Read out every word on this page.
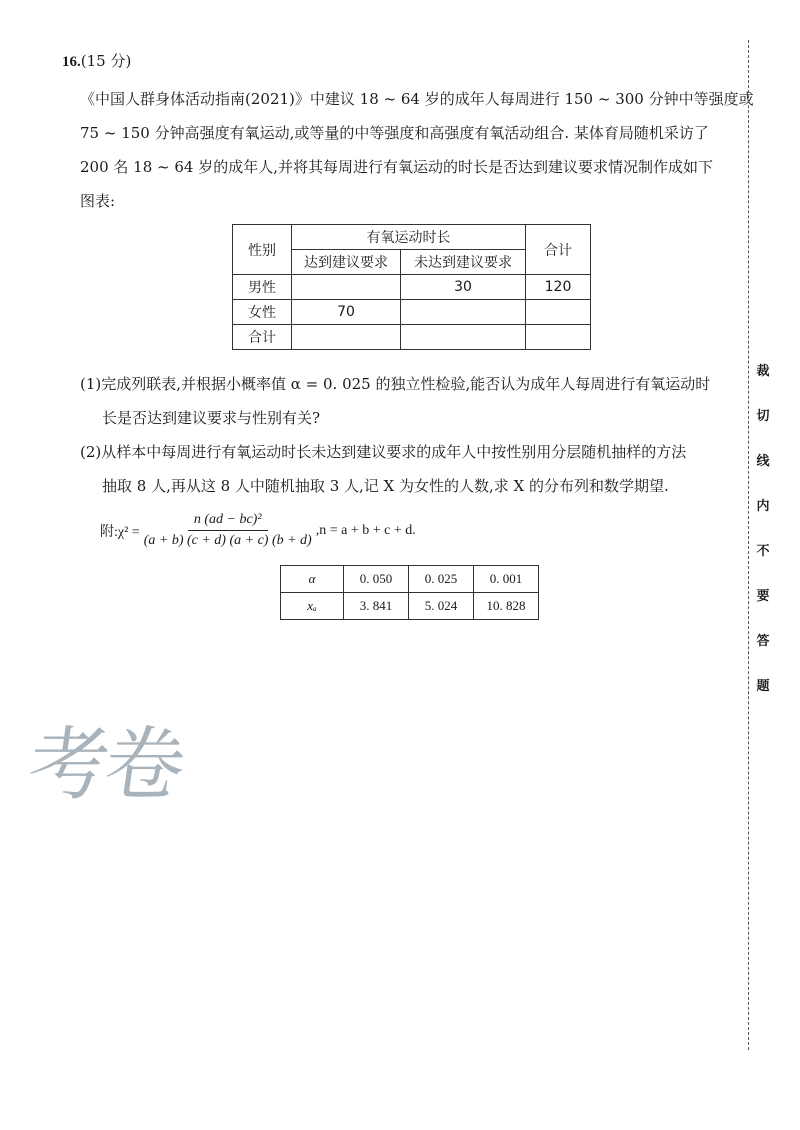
16.(15 分)

《中国人群身体活动指南(2021)》中建议 18 ~ 64 岁的成年人每周进行 150 ~ 300 分钟中等强度或
75 ~ 150 分钟高强度有氧运动,或等量的中等强度和高强度有氧活动组合. 某体育局随机采访了
200 名 18 ~ 64 岁的成年人,并将其每周进行有氧运动的时长是否达到建议要求情况制作成如下
图表:

性别	有氧运动时长		合计
	达到建议要求	未达到建议要求	
男性		30	120
女性	70		
合计			

(1)完成列联表,并根据小概率值 α = 0. 025 的独立性检验,能否认为成年人每周进行有氧运动时
长是否达到建议要求与性别有关?

(2)从样本中每周进行有氧运动时长未达到建议要求的成年人中按性别用分层随机抽样的方法
抽取 8 人,再从这 8 人中随机抽取 3 人,记 X 为女性的人数,求 X 的分布列和数学期望.

附:χ² = $\frac{\text{n (ad − bc)²}}{(a + b) (c + d) (a + c) (b + d)} ,n = a + b + c + d$.
α	0. 050	0. 025	0. 001
xₐ	3. 841	5. 024	10. 828
考卷
裁
切
线
内
不
要
答
题
